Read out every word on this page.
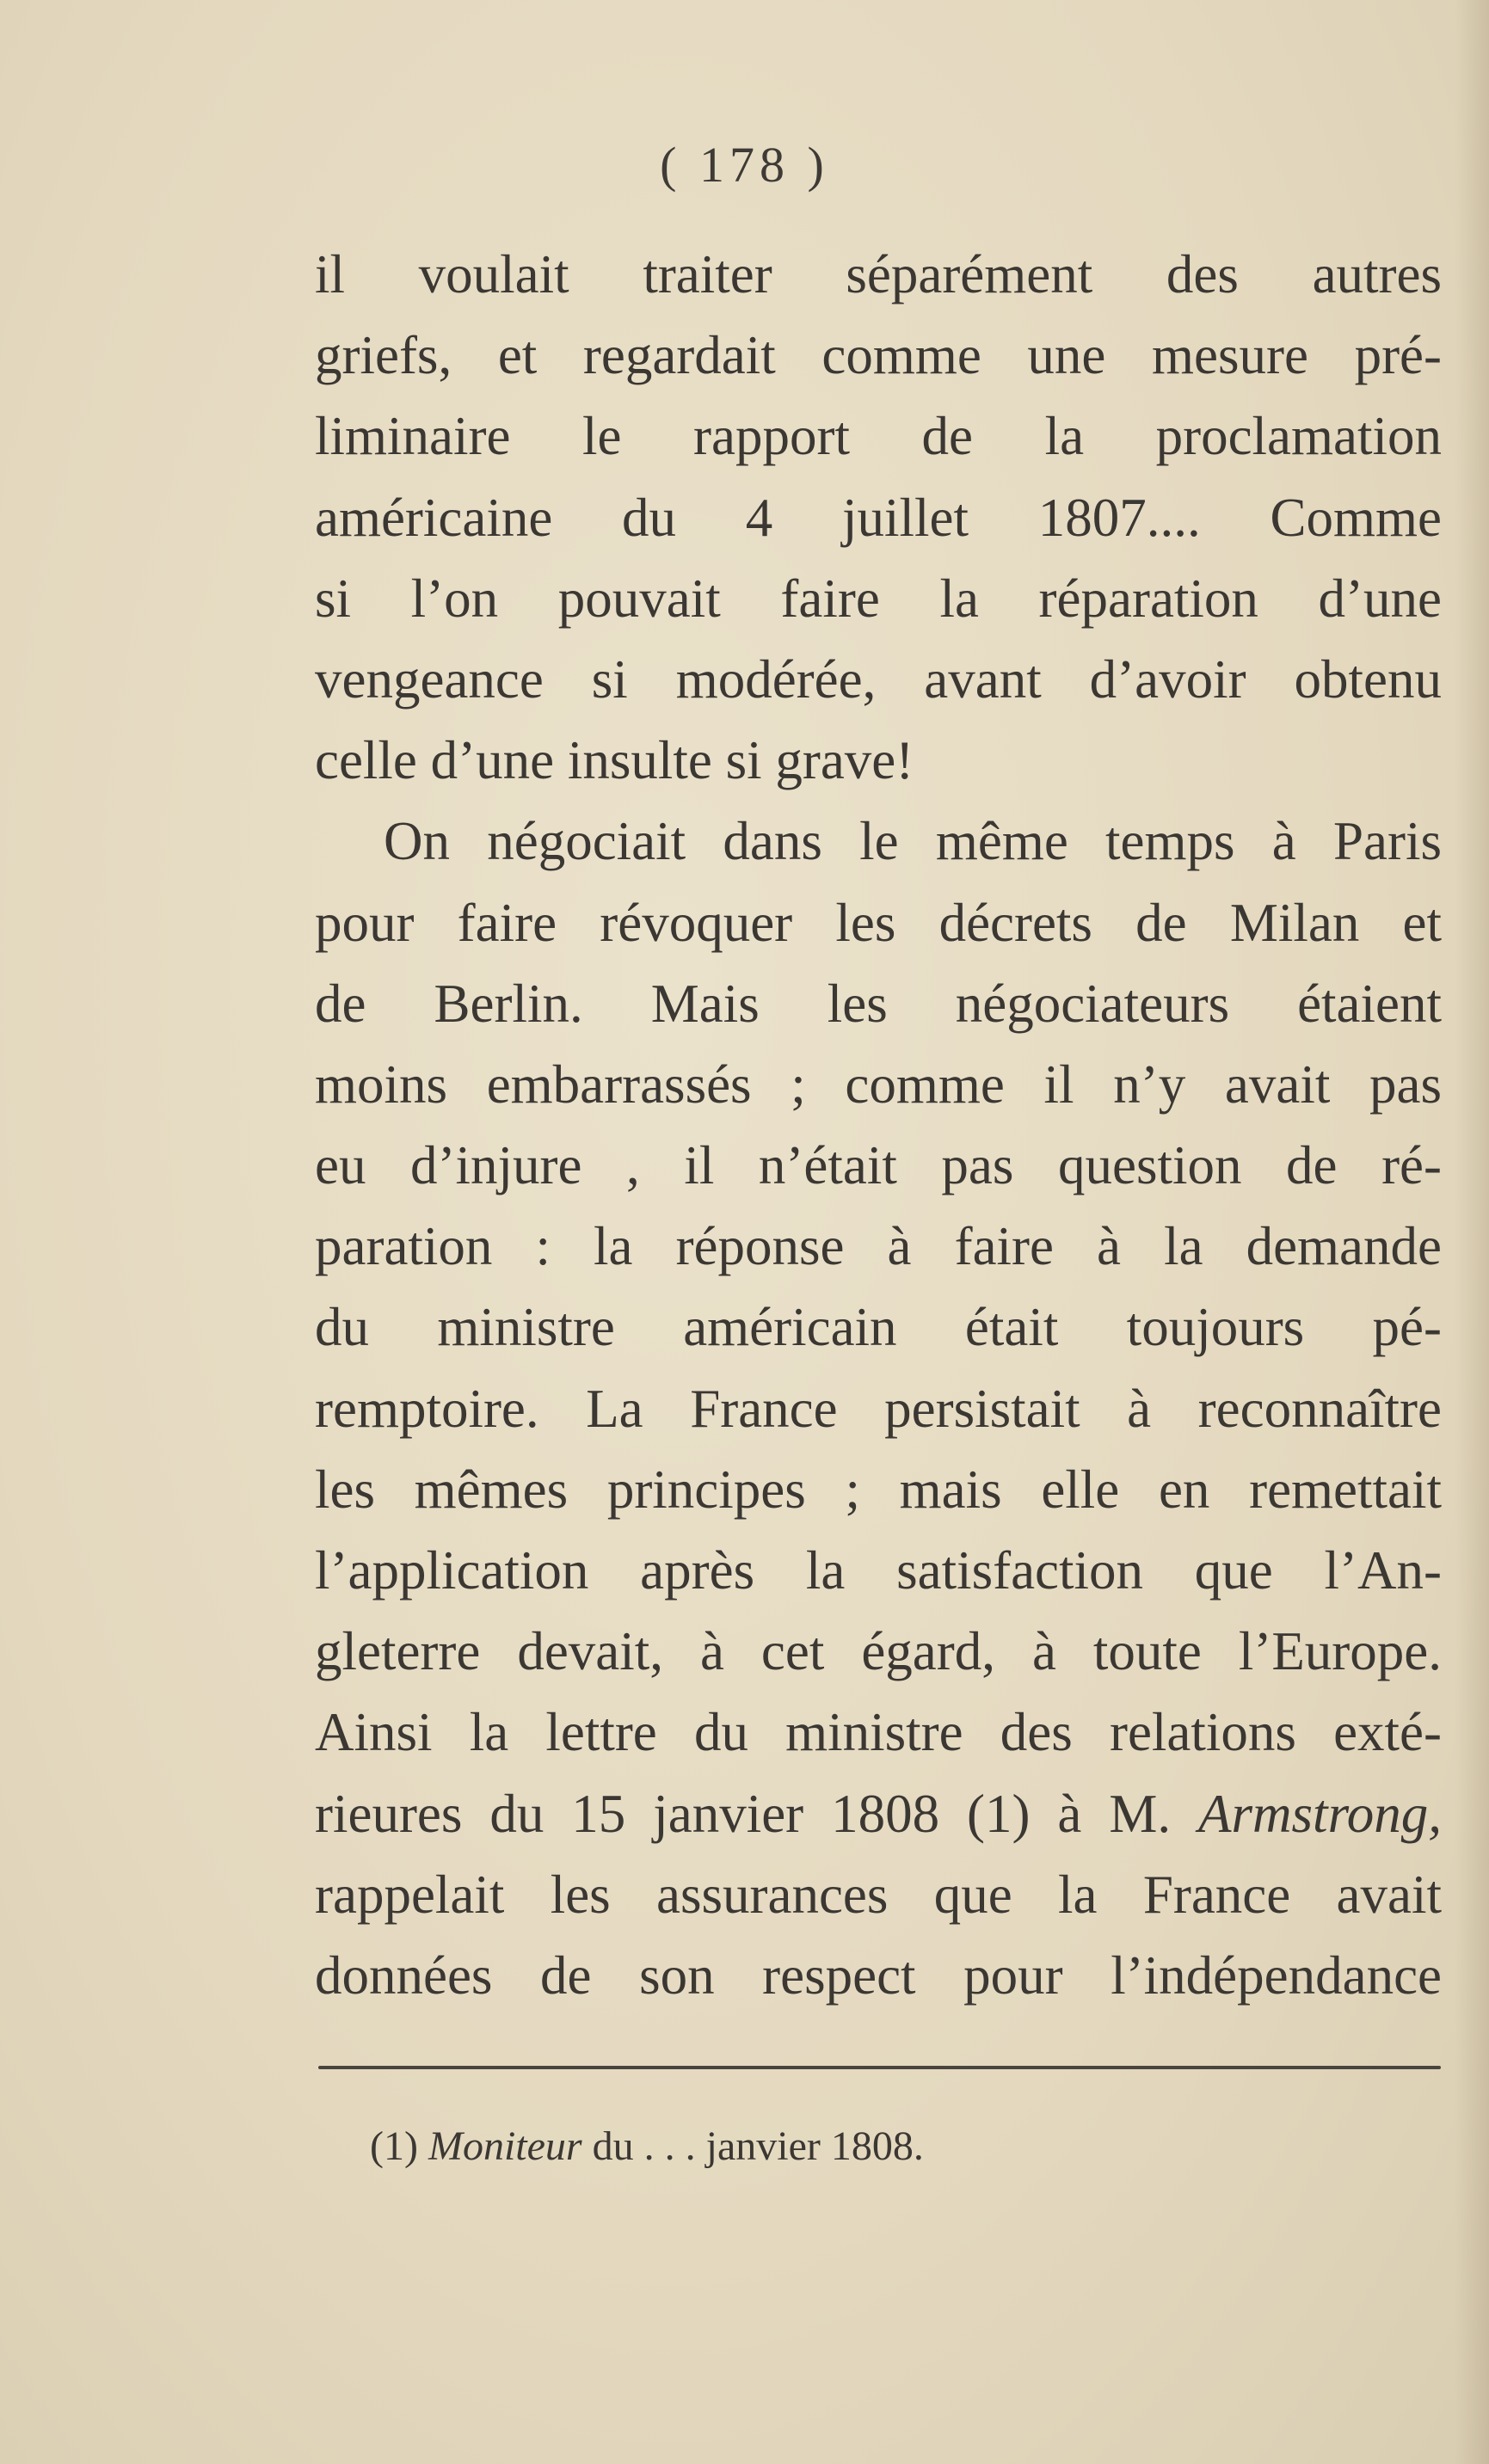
( 178 )
il voulait traiter séparément des autres
griefs, et regardait comme une mesure pré-
liminaire le rapport de la proclamation
américaine du 4 juillet 1807.... Comme
si l’on pouvait faire la réparation d’une
vengeance si modérée, avant d’avoir obtenu
celle d’une insulte si grave!
On négociait dans le même temps à Paris
pour faire révoquer les décrets de Milan et
de Berlin. Mais les négociateurs étaient
moins embarrassés ; comme il n’y avait pas
eu d’injure , il n’était pas question de ré-
paration : la réponse à faire à la demande
du ministre américain était toujours pé-
remptoire. La France persistait à reconnaître
les mêmes principes ; mais elle en remettait
l’application après la satisfaction que l’An-
gleterre devait, à cet égard, à toute l’Europe.
Ainsi la lettre du ministre des relations exté-
rieures du 15 janvier 1808 (1) à M. Armstrong,
rappelait les assurances que la France avait
données de son respect pour l’indépendance
(1) Moniteur du . . . janvier 1808.
